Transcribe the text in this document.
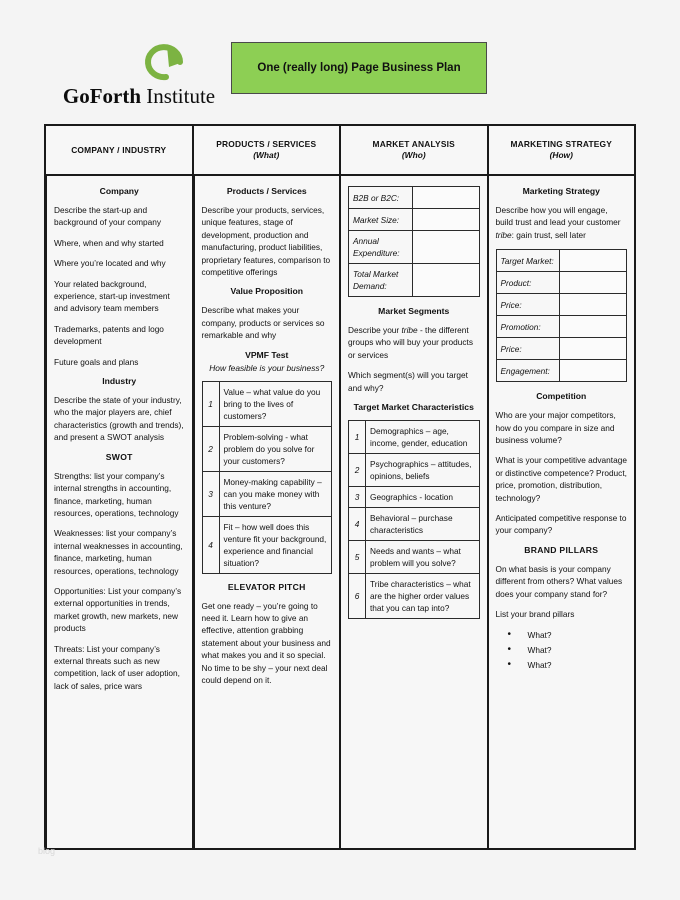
GoForth Institute
One (really long) Page Business Plan
COMPANY / INDUSTRY
Company

Describe the start-up and background of your company

Where, when and why started

Where you’re located and why

Your related background, experience, start-up investment and advisory team members

Trademarks, patents and logo development

Future goals and plans

Industry

Describe the state of your industry, who the major players are, chief characteristics (growth and trends), and present a SWOT analysis

SWOT

Strengths: list your company’s internal strengths in accounting, finance, marketing, human resources, operations, technology

Weaknesses: list your company’s internal weaknesses in accounting, finance, marketing, human resources, operations, technology

Opportunities: List your company’s external opportunities in trends, market growth, new markets, new products

Threats: List your company’s external threats such as new competition, lack of user adoption, lack of sales, price wars

PRODUCTS / SERVICES
(What)
Products / Services

Describe your products, services, unique features, stage of development, production and manufacturing, product liabilities, proprietary features, comparison to competitive offerings

Value Proposition

Describe what makes your company, products or services so remarkable and why

VPMF Test
How feasible is your business?
1	Value – what value do you bring to the lives of customers?
2	Problem-solving - what problem do you solve for your customers?
3	Money-making capability – can you make money with this venture?
4	Fit – how well does this venture fit your background, experience and financial situation?
ELEVATOR PITCH

Get one ready – you’re going to need it. Learn how to give an effective, attention grabbing statement about your business and what makes you and it so special. No time to be shy – your next deal could depend on it.

MARKET ANALYSIS
(Who)
B2B or B2C:	
Market Size:	
Annual Expenditure:	
Total Market Demand:	
Market Segments

Describe your tribe - the different groups who will buy your products or services

Which segment(s) will you target and why?

Target Market Characteristics
1	Demographics – age, income, gender, education
2	Psychographics – attitudes, opinions, beliefs
3	Geographics - location
4	Behavioral – purchase characteristics
5	Needs and wants – what problem will you solve?
6	Tribe characteristics – what are the higher order values that you can tap into?
MARKETING STRATEGY
(How)
Marketing Strategy

Describe how you will engage, build trust and lead your customer tribe: gain trust, sell later

Target Market:	
Product:	
Price:	
Promotion:	
Price:	
Engagement:	
Competition

Who are your major competitors, how do you compare in size and business volume?

What is your competitive advantage or distinctive competence? Product, price, promotion, distribution, technology?

Anticipated competitive response to your company?

BRAND PILLARS

On what basis is your company different from others? What values does your company stand for?

List your brand pillars

• What?
• What?
• What?
blog
